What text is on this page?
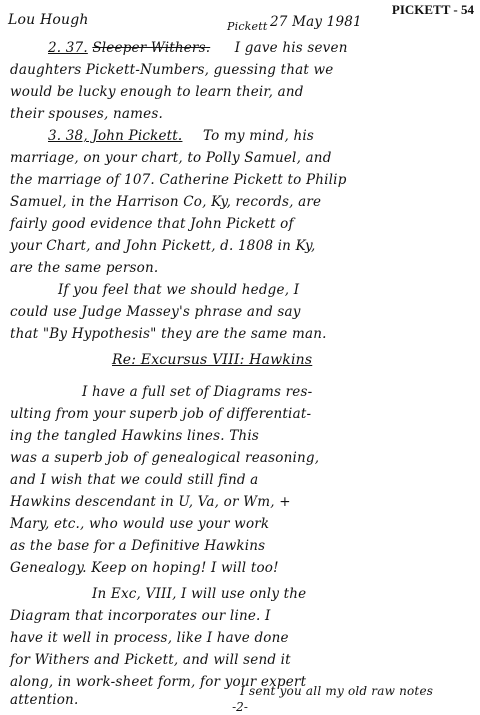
PICKETT - 54
Lou Hough	Pickett 27 May 1981
2. 37. Sleeper Withers. I gave his seven
daughters Pickett-Numbers, guessing that we
would be lucky enough to learn their, and
their spouses, names.
3. 38, John Pickett. To my mind, his
marriage, on your chart, to Polly Samuel, and
the marriage of 107. Catherine Pickett to Philip
Samuel, in the Harrison Co, Ky, records, are
fairly good evidence that John Pickett of
your Chart, and John Pickett, d. 1808 in Ky,
are the same person.
If you feel that we should hedge, I
could use Judge Massey's phrase and say
that "By Hypothesis" they are the same man.
Re: Excursus VIII: Hawkins
I have a full set of Diagrams res-
ulting from your superb job of differentiat-
ing the tangled Hawkins lines. This
was a superb job of genealogical reasoning,
and I wish that we could still find a
Hawkins descendant in U, Va, or Wm, +
Mary, etc., who would use your work
as the base for a Definitive Hawkins
Genealogy. Keep on hoping! I will too!
In Exc, VIII, I will use only the
Diagram that incorporates our line. I
have it well in process, like I have done
for Withers and Pickett, and will send it
along, in work-sheet form, for your expert
attention.	-2-
I sent you all my old raw notes
